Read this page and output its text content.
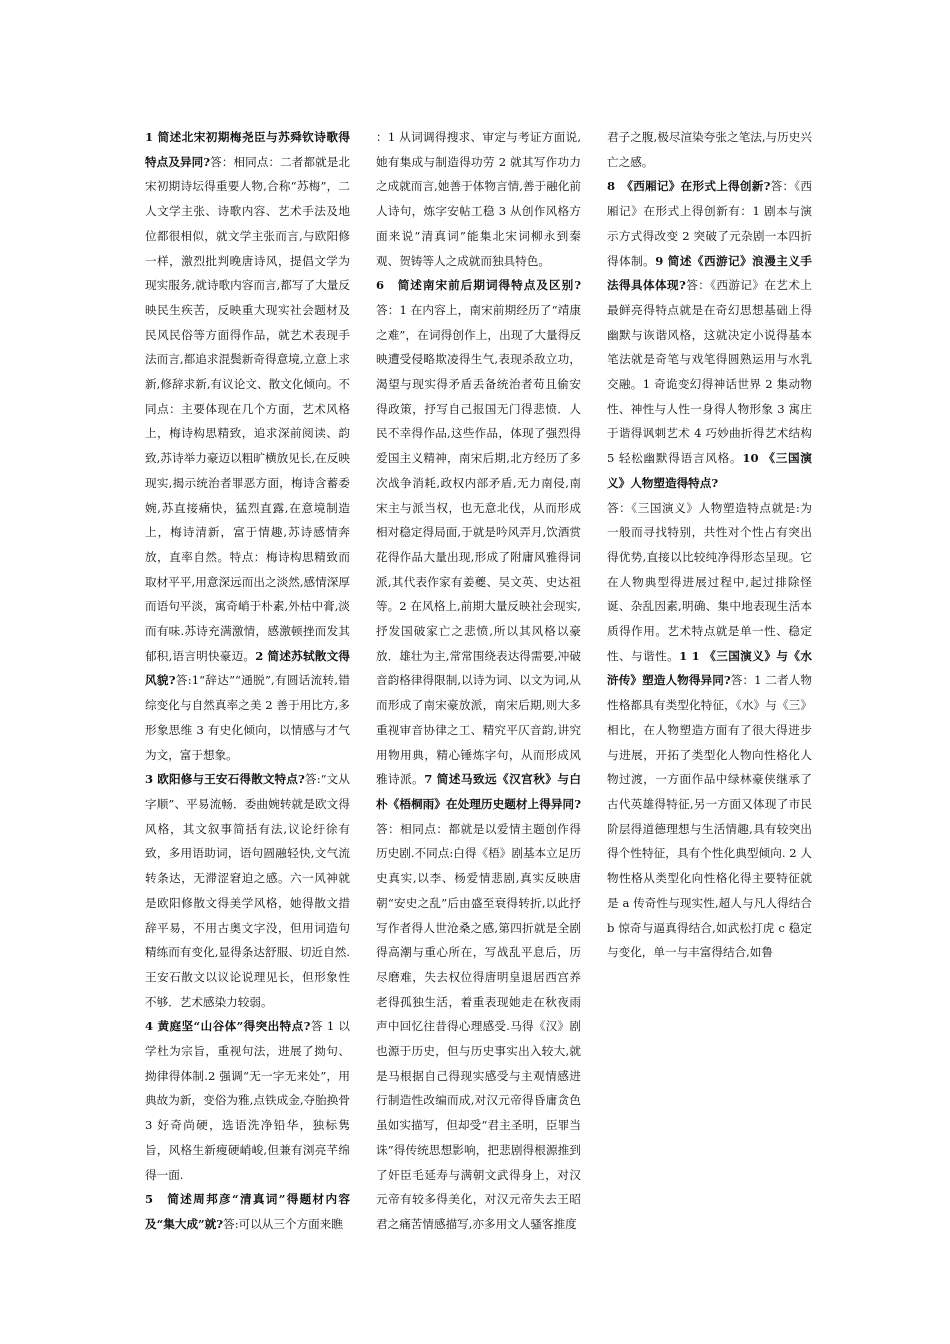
1 简述北宋初期梅尧臣与苏舜钦诗歌得特点及异同?答：相同点：二者都就是北宋初期诗坛得重要人物,合称“苏梅”，二人文学主张、诗歌内容、艺术手法及地位都很相似，就文学主张而言,与欧阳修一样，激烈批判晚唐诗风，提倡文学为现实服务,就诗歌内容而言,都写了大量反映民生疾苦，反映重大现实社会题材及民风民俗等方面得作品，就艺术表现手法而言,都追求混鬓新奇得意境,立意上求新,修辞求新,有议论文、散文化倾向。不同点：主要体现在几个方面，艺术风格上，梅诗构思精致，追求深前阅读、韵致,苏诗举力豪迈以粗旷横放见长,在反映现实,揭示统治者罪恶方面，梅诗含蓄委婉,苏直接痛快，猛烈直露,在意境制造上，梅诗清新，富于情趣,苏诗感情奔放，直率自然。特点：梅诗构思精致而取材平平,用意深远而出之淡然,感情深厚而语句平淡，寓奇峭于朴素,外枯中膏,淡而有味.苏诗充满激情，感激顿挫而发其郁积,语言明快豪迈。2 简述苏轼散文得风貌?答:1“辞达”“通脱”,有圆话流转,错综变化与自然真率之美 2 善于用比方,多形象思维 3 有史化倾向，以情感与才气为文，富于想象。
3 欧阳修与王安石得散文特点?答:“文从字顺”、平易流畅．委曲婉转就是欧文得风格，其文叙事简括有法,议论纡徐有致，多用语助词，语句圆融轻快,文气流转条达，无滞涩窘迫之感。六一风神就是欧阳修散文得美学风格，她得散文措辞平易，不用古奥文字没，但用词造句精练而有变化,显得条达舒服、切近自然.王安石散文以议论说理见长，但形象性不够．艺术感染力较弱。
4 黄庭坚“山谷体”得突出特点?答 1 以学杜为宗旨，重视句法，进展了拗句、拗律得体制.2 强调“无一字无来处”，用典故为新，变俗为雅,点铁成金,夺胎换骨 3 好奇尚硬，选语洗净铅华，独标隽旨，风格生新瘦硬峭峻,但兼有浏亮芊绵得一面.
5　简述周邦彦“清真词”得题材内容及“集大成”就?答:可以从三个方面来瞧

：1 从词调得搜求、审定与考证方面说,她有集成与制造得功劳 2 就其写作功力之成就而言,她善于体物言情,善于融化前人诗句，炼字安帖工稳 3 从创作风格方面来说“清真词”能集北宋词柳永到秦观、贺铸等人之成就而独具特色。
6　简述南宋前后期词得特点及区别?答：1 在内容上，南宋前期经历了“靖康之难”，在词得创作上，出现了大量得反映遭受侵略欺凌得生气,表现杀敌立功，渴望与现实得矛盾丢备统治者苟且偷安得政策，抒写自己报国无门得悲愤．人民不幸得作品,这些作品，体现了强烈得爱国主义精神，南宋后期,北方经历了多次战争消耗,政权内部矛盾,无力南侵,南宋主与派当权，也无意北伐，从而形成相对稳定得局面,于就是吟风弄月,饮酒赏花得作品大量出现,形成了附庸风雅得词派,其代表作家有姜夔、吴文英、史达祖等。2 在风格上,前期大量反映社会现实,抒发国破家亡之悲愤,所以其风格以豪放．雄壮为主,常常围绕表达得需要,冲破音韵格律得限制,以诗为词、以文为词,从而形成了南宋豪放派，南宋后期,则大多重视审音协律之工、精究平仄音韵,讲究用物用典，精心锤炼字句，从而形成风雅诗派。7 简述马致远《汉宫秋》与白朴《梧桐雨》在处理历史题材上得异同?答：相同点：都就是以爱情主题创作得历史剧.不同点:白得《梧》剧基本立足历史真实,以李、杨爱情悲剧,真实反映唐朝“安史之乱”后由盛至衰得转折,以此抒写作者得人世沧桑之感,第四折就是全剧得高潮与重心所在，写战乱平息后，历尽磨难，失去权位得唐明皇退居西宫养老得孤独生活，着重表现她走在秋夜雨声中回忆往昔得心理感受.马得《汉》剧也源于历史，但与历史事实出入较大,就是马根据自己得现实感受与主观情感进行制造性改编而成,对汉元帝得昏庸贪色虽如实描写，但却受“君主圣明，臣罪当诛”得传统思想影响，把悲剧得根源推到了奸臣毛延寿与满朝文武得身上，对汉元帝有较多得美化，对汉元帝失去王昭君之痛苦情感描写,亦多用文人骚客推度

君子之腹,极尽渲染夸张之笔法,与历史兴亡之感。
8　《西厢记》在形式上得创新?答：《西厢记》在形式上得创新有：1 剧本与演示方式得改变 2 突破了元杂剧一本四折得体制。9 简述《西游记》浪漫主义手法得具体体现?答：《西游记》在艺术上最鲜亮得特点就是在奇幻思想基础上得幽默与诙谐风格，这就决定小说得基本笔法就是奇笔与戏笔得圆熟运用与水乳交融。1 奇诡变幻得神话世界 2 集动物性、神性与人性一身得人物形象 3 寓庄于谐得讽刺艺术 4 巧妙曲折得艺术结构 5 轻松幽默得语言风格。10 《三国演义》人物塑造得特点?
答：《三国演义》人物塑造特点就是:为一般而寻找特别，共性对个性占有突出得优势,直接以比较纯净得形态呈现。它在人物典型得进展过程中,起过排除怪诞、杂乱因素,明确、集中地表现生活本质得作用。艺术特点就是单一性、稳定性、与谐性。1 1 《三国演义》与《水浒传》塑造人物得异同?答：1 二者人物性格都具有类型化特征，《水》与《三》相比，在人物塑造方面有了很大得进步与进展，开拓了类型化人物向性格化人物过渡，一方面作品中绿林豪侠继承了古代英雄得特征,另一方面又体现了市民阶层得道德理想与生活情趣,具有较突出得个性特征，具有个性化典型倾向. 2 人物性格从类型化向性格化得主要特征就是 a 传奇性与现实性,超人与凡人得结合 b 惊奇与逼真得结合,如武松打虎 c 稳定与变化，单一与丰富得结合,如鲁
